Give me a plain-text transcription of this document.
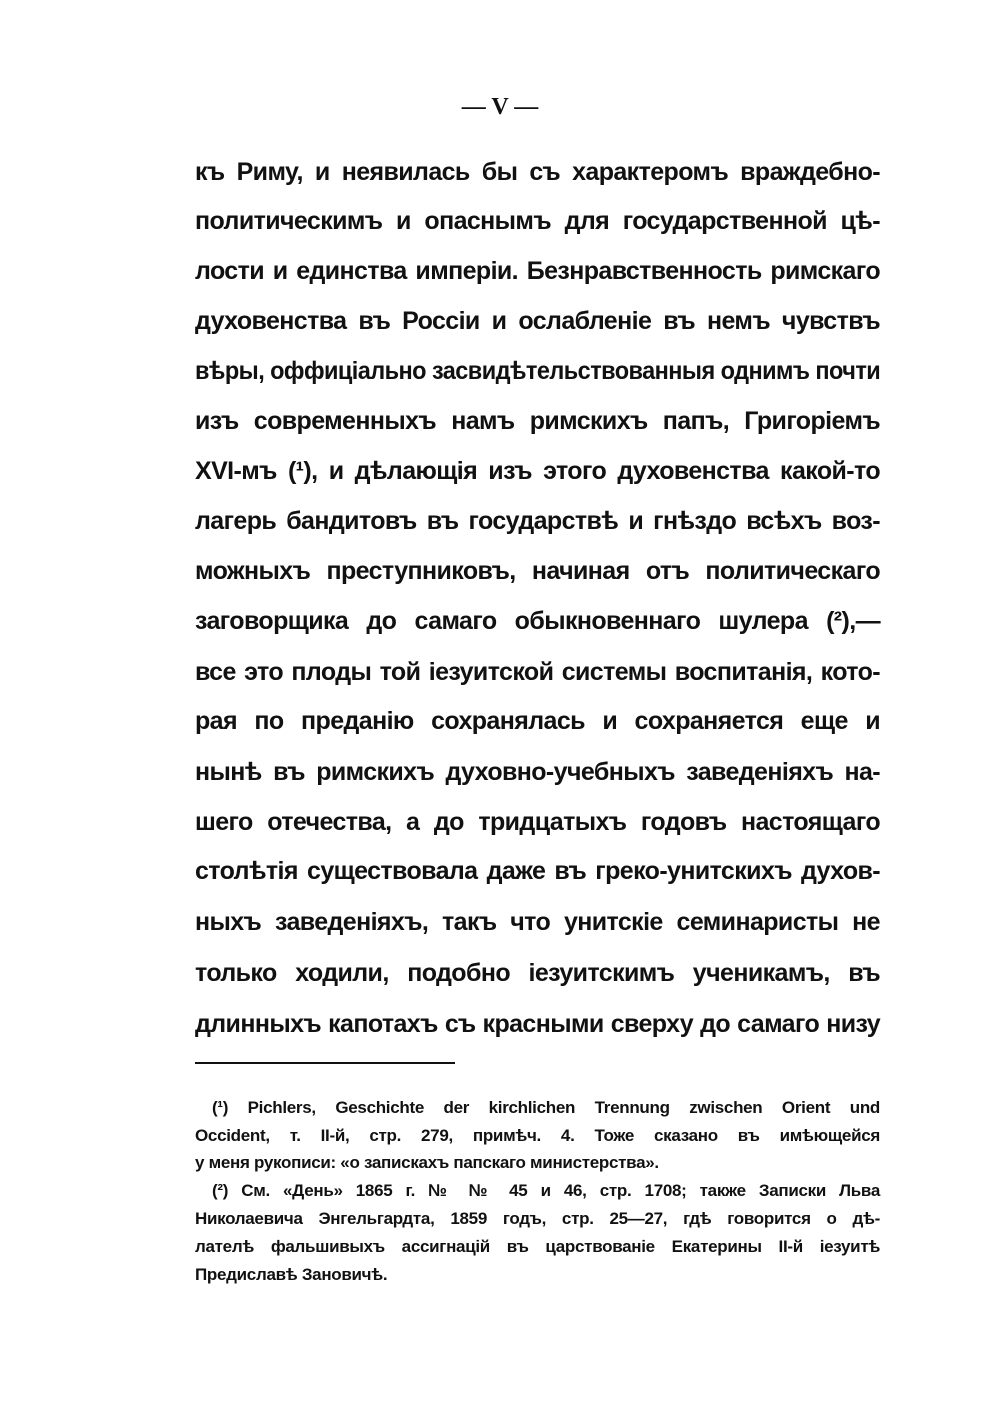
— V —
къ Риму, и неявилась бы съ характеромъ враждебно-
политическимъ и опаснымъ для государственной цѣ-
лости и единства имперіи. Безнравственность римскаго
духовенства въ Россіи и ослабленіе въ немъ чувствъ
вѣры, оффиціально засвидѣтельствованныя однимъ почти
изъ современныхъ намъ римскихъ папъ, Григоріемъ
XVI-мъ (¹), и дѣлающія изъ этого духовенства какой-то
лагерь бандитовъ въ государствѣ и гнѣздо всѣхъ воз-
можныхъ преступниковъ, начиная отъ политическаго
заговорщика до самаго обыкновеннаго шулера (²),—
все это плоды той іезуитской системы воспитанія, кото-
рая по преданію сохранялась и сохраняется еще и
нынѣ въ римскихъ духовно-учебныхъ заведеніяхъ на-
шего отечества, а до тридцатыхъ годовъ настоящаго
столѣтія существовала даже въ греко-унитскихъ духов-
ныхъ заведеніяхъ, такъ что унитскіе семинаристы не
только ходили, подобно іезуитскимъ ученикамъ, въ
длинныхъ капотахъ съ красными сверху до самаго низу
(¹) Pichlers, Geschichte der kirchlichen Trennung zwischen Orient und
Occident, т. II-й, стр. 279, примѣч. 4. Тоже сказано въ имѣющейся
у меня рукописи: «о запискахъ папскаго министерства».
(²) См. «День» 1865 г. № № 45 и 46, стр. 1708; также Записки Льва
Николаевича Энгельгардта, 1859 годъ, стр. 25—27, гдѣ говорится о дѣ-
лателѣ фальшивыхъ ассигнацій въ царствованіе Екатерины II-й іезуитѣ
Предиславѣ Зановичѣ.
